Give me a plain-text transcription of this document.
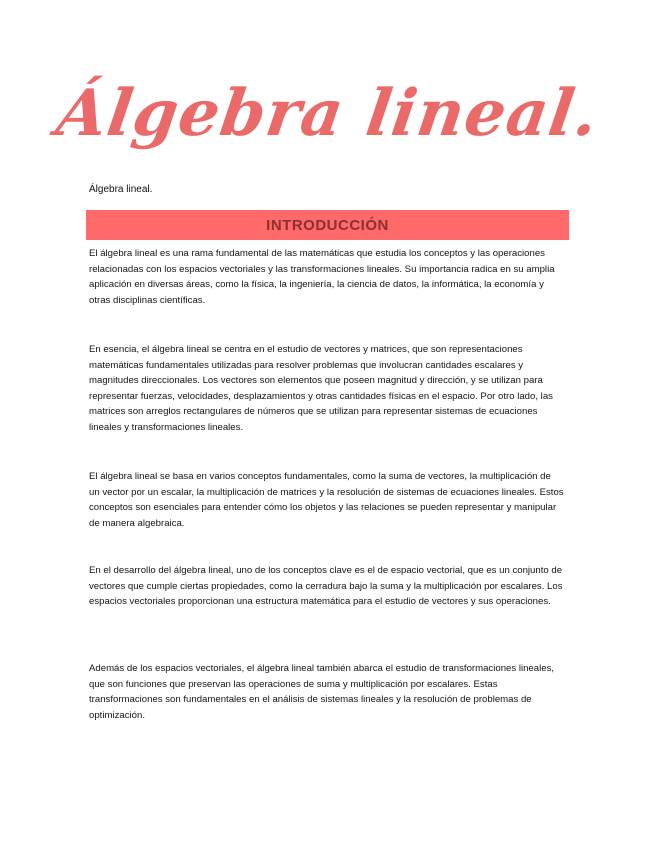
Álgebra lineal.
Álgebra lineal.
INTRODUCCIÓN

El álgebra lineal es una rama fundamental de las matemáticas que estudia los conceptos y las operaciones relacionadas con los espacios vectoriales y las transformaciones lineales. Su importancia radica en su amplia aplicación en diversas áreas, como la física, la ingeniería, la ciencia de datos, la informática, la economía y otras disciplinas científicas.

En esencia, el álgebra lineal se centra en el estudio de vectores y matrices, que son representaciones matemáticas fundamentales utilizadas para resolver problemas que involucran cantidades escalares y magnitudes direccionales. Los vectores son elementos que poseen magnitud y dirección, y se utilizan para representar fuerzas, velocidades, desplazamientos y otras cantidades físicas en el espacio. Por otro lado, las matrices son arreglos rectangulares de números que se utilizan para representar sistemas de ecuaciones lineales y transformaciones lineales.

El álgebra lineal se basa en varios conceptos fundamentales, como la suma de vectores, la multiplicación de un vector por un escalar, la multiplicación de matrices y la resolución de sistemas de ecuaciones lineales. Estos conceptos son esenciales para entender cómo los objetos y las relaciones se pueden representar y manipular de manera algebraica.

En el desarrollo del álgebra lineal, uno de los conceptos clave es el de espacio vectorial, que es un conjunto de vectores que cumple ciertas propiedades, como la cerradura bajo la suma y la multiplicación por escalares. Los espacios vectoriales proporcionan una estructura matemática para el estudio de vectores y sus operaciones.

Además de los espacios vectoriales, el álgebra lineal también abarca el estudio de transformaciones lineales, que son funciones que preservan las operaciones de suma y multiplicación por escalares. Estas transformaciones son fundamentales en el análisis de sistemas lineales y la resolución de problemas de optimización.
